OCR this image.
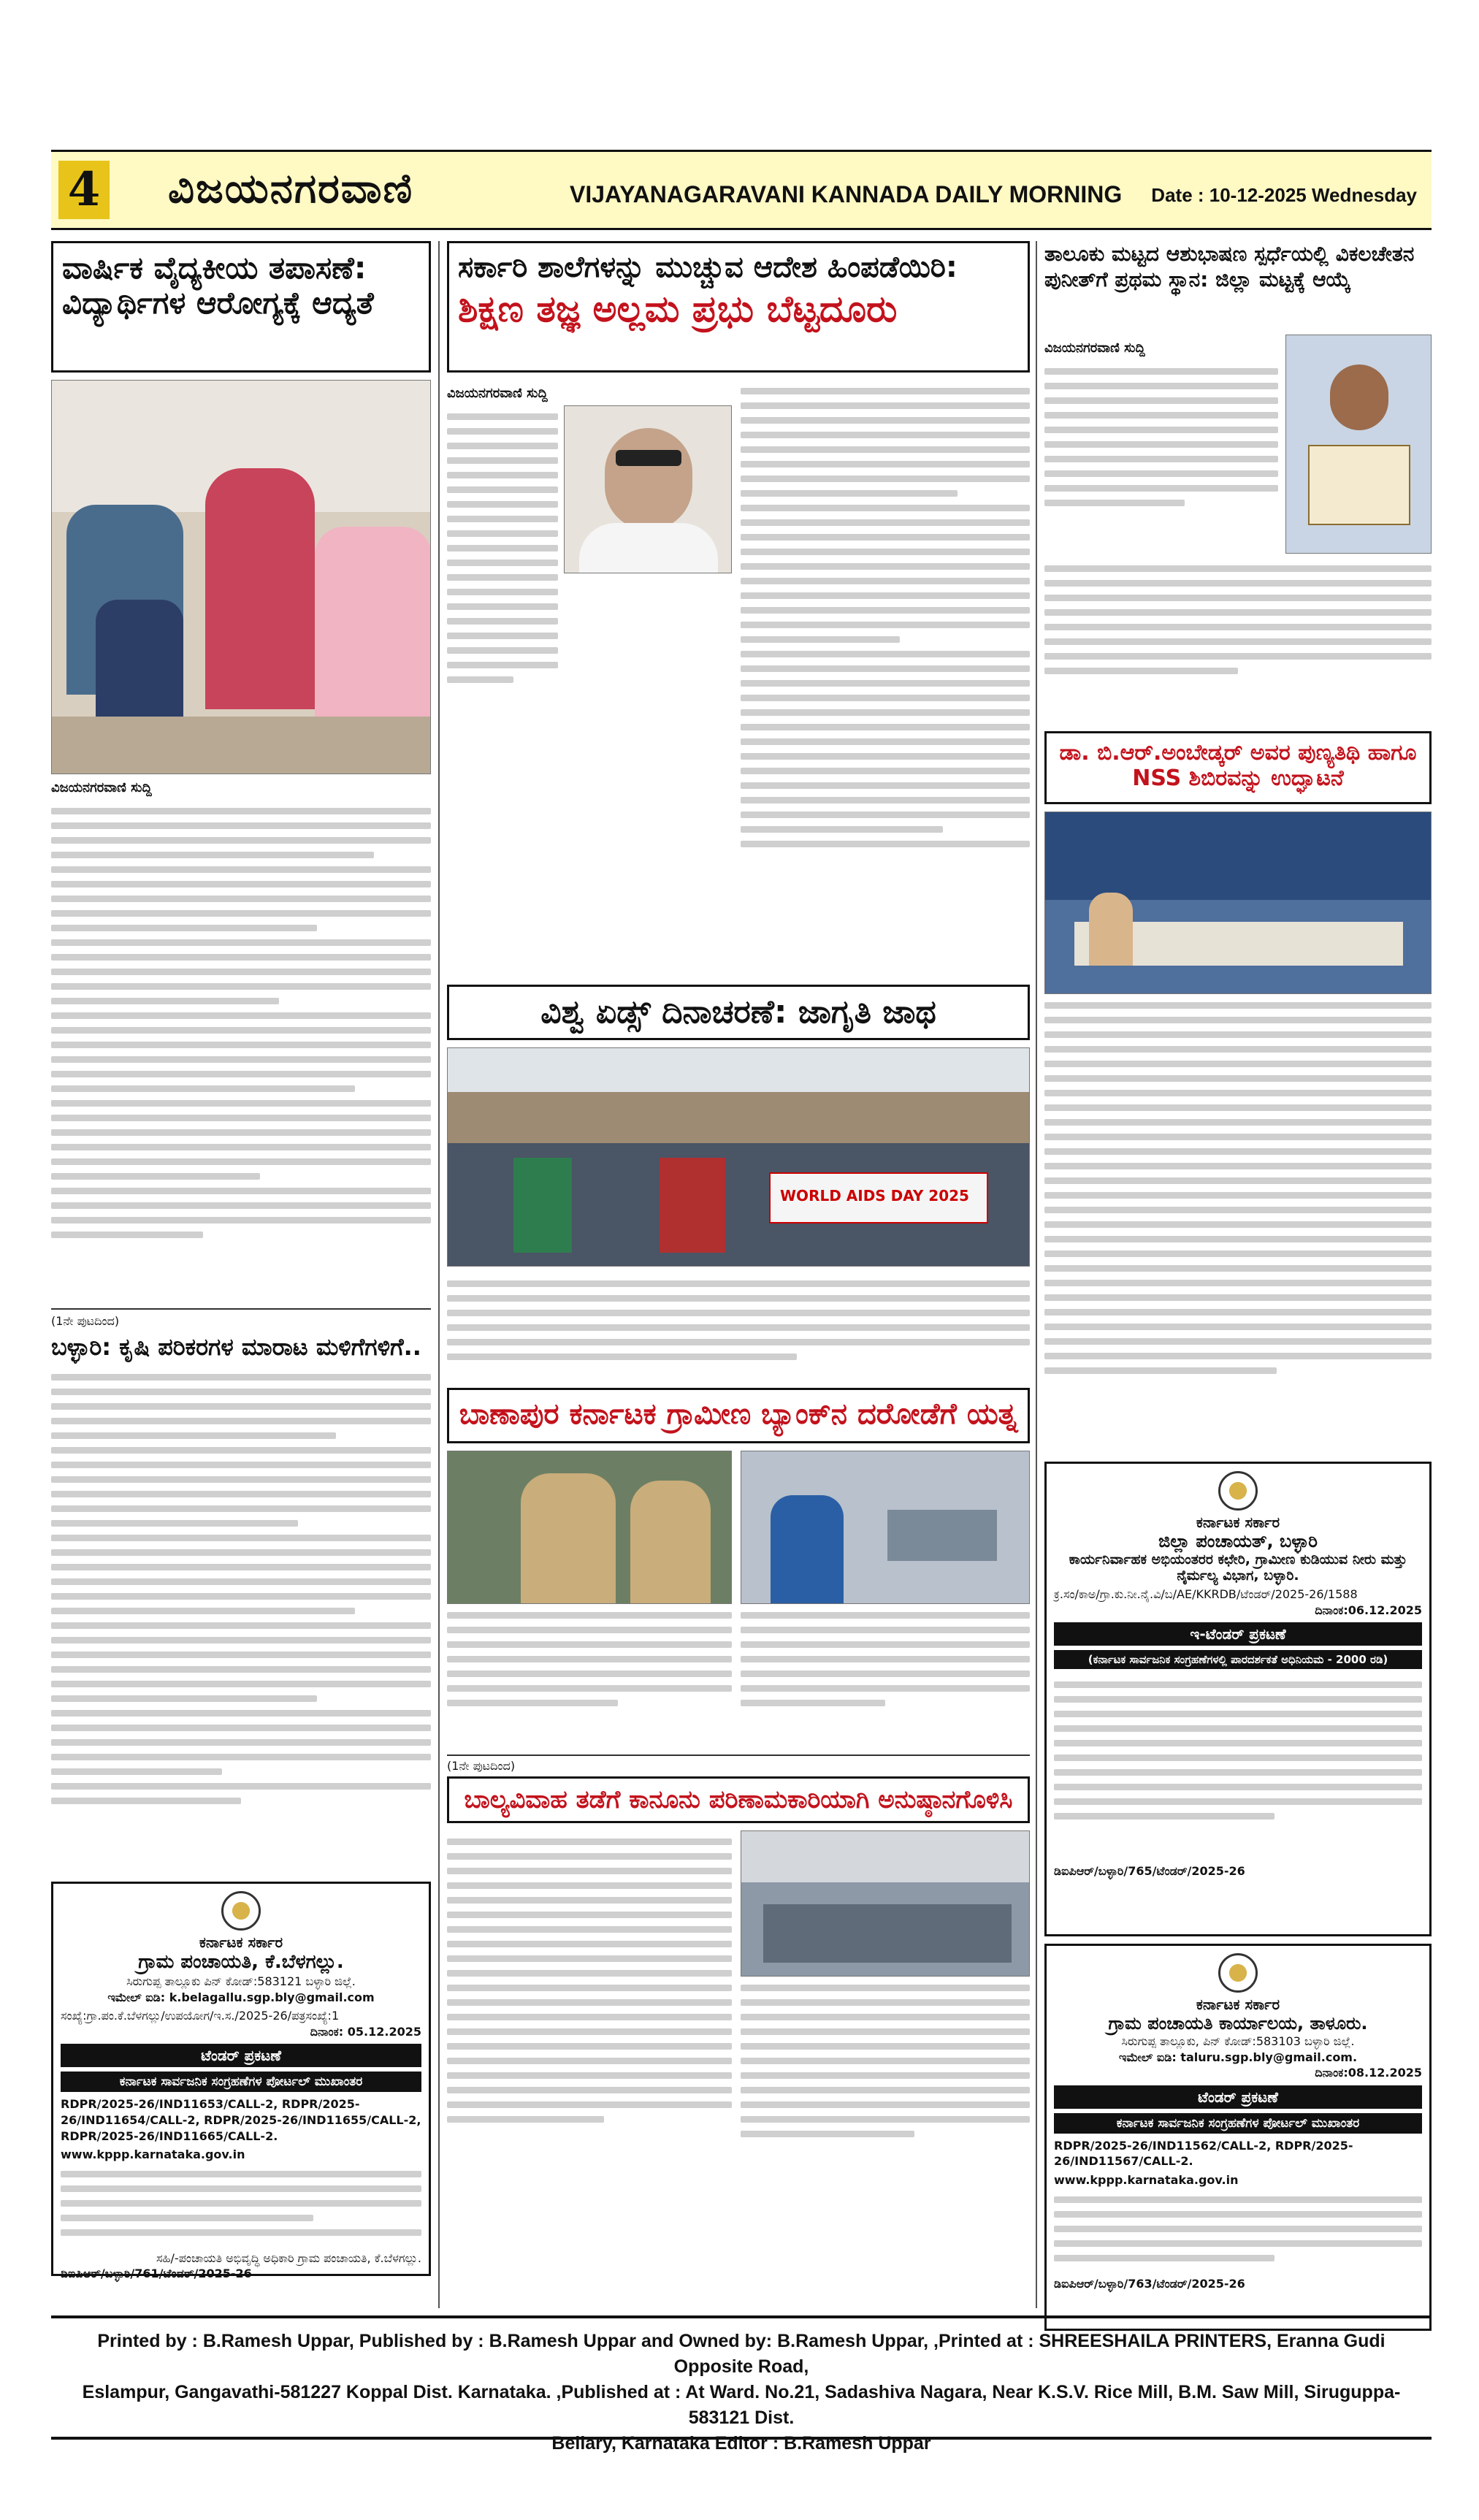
4 ವಿಜಯನಗರವಾಣಿ	VIJAYANAGARAVANI KANNADA DAILY MORNING Date : 10-12-2025 Wednesday
ವಾರ್ಷಿಕ ವೈದ್ಯಕೀಯ ತಪಾಸಣೆ: ವಿದ್ಯಾರ್ಥಿಗಳ ಆರೋಗ್ಯಕ್ಕೆ ಆದ್ಯತೆ
ವಿಜಯನಗರವಾಣಿ ಸುದ್ದಿ
(1ನೇ ಪುಟದಿಂದ)
ಬಳ್ಳಾರಿ: ಕೃಷಿ ಪರಿಕರಗಳ ಮಾರಾಟ ಮಳಿಗೆಗಳಿಗೆ..
ಕರ್ನಾಟಕ ಸರ್ಕಾರ
ಗ್ರಾಮ ಪಂಚಾಯತಿ, ಕೆ.ಬೆಳಗಲ್ಲು.
ಸಿರುಗುಪ್ಪ ತಾಲ್ಲೂಕು ಪಿನ್ ಕೋಡ್:583121 ಬಳ್ಳಾರಿ ಜಿಲ್ಲೆ.
ಇಮೇಲ್ ಐಡಿ: k.belagallu.sgp.bly@gmail.com
ಸಂಖ್ಯೆ:ಗ್ರಾ.ಪಂ.ಕೆ.ಬೆಳಗಲ್ಲು/ಉಪಯೋಗ/ಇ.ಸ./2025-26/ಪತ್ರಸಂಖ್ಯೆ:1
ದಿನಾಂಕ: 05.12.2025
ಟೆಂಡರ್ ಪ್ರಕಟಣೆ
ಕರ್ನಾಟಕ ಸಾರ್ವಜನಿಕ ಸಂಗ್ರಹಣೆಗಳ ಪೋರ್ಟಲ್ ಮುಖಾಂತರ
RDPR/2025-26/IND11653/CALL-2, RDPR/2025-26/IND11654/CALL-2, RDPR/2025-26/IND11655/CALL-2, RDPR/2025-26/IND11665/CALL-2.
www.kppp.karnataka.gov.in
ಸಹಿ/-ಪಂಚಾಯತಿ ಅಭಿವೃದ್ಧಿ ಅಧಿಕಾರಿ ಗ್ರಾಮ ಪಂಚಾಯತಿ, ಕೆ.ಬೆಳಗಲ್ಲು.
ಡಿಐಪಿಆರ್/ಬಳ್ಳಾರಿ/761/ಟೆಂಡರ್/2025-26
ಸರ್ಕಾರಿ ಶಾಲೆಗಳನ್ನು ಮುಚ್ಚುವ ಆದೇಶ ಹಿಂಪಡೆಯಿರಿ:
ಶಿಕ್ಷಣ ತಜ್ಞ ಅಲ್ಲಮ ಪ್ರಭು ಬೆಟ್ಟದೂರು
ವಿಜಯನಗರವಾಣಿ ಸುದ್ದಿ
ವಿಶ್ವ ಏಡ್ಸ್ ದಿನಾಚರಣೆ: ಜಾಗೃತಿ ಜಾಥ
WORLD AIDS DAY 2025
ಬಾಣಾಪುರ ಕರ್ನಾಟಕ ಗ್ರಾಮೀಣ ಬ್ಯಾಂಕ್‌ನ ದರೋಡೆಗೆ ಯತ್ನ
(1ನೇ ಪುಟದಿಂದ)
ಬಾಲ್ಯವಿವಾಹ ತಡೆಗೆ ಕಾನೂನು ಪರಿಣಾಮಕಾರಿಯಾಗಿ ಅನುಷ್ಠಾನಗೊಳಿಸಿ
ತಾಲೂಕು ಮಟ್ಟದ ಆಶುಭಾಷಣ ಸ್ಪರ್ಧೆಯಲ್ಲಿ ವಿಕಲಚೇತನ ಪುನೀತ್‌ಗೆ ಪ್ರಥಮ ಸ್ಥಾನ: ಜಿಲ್ಲಾ ಮಟ್ಟಕ್ಕೆ ಆಯ್ಕೆ
ವಿಜಯನಗರವಾಣಿ ಸುದ್ದಿ
ಡಾ. ಬಿ.ಆರ್.ಅಂಬೇಡ್ಕರ್ ಅವರ ಪುಣ್ಯತಿಥಿ ಹಾಗೂ NSS ಶಿಬಿರವನ್ನು ಉದ್ಘಾಟನೆ
ಕರ್ನಾಟಕ ಸರ್ಕಾರ
ಜಿಲ್ಲಾ ಪಂಚಾಯತ್, ಬಳ್ಳಾರಿ
ಕಾರ್ಯನಿರ್ವಾಹಕ ಅಭಿಯಂತರರ ಕಛೇರಿ, ಗ್ರಾಮೀಣ ಕುಡಿಯುವ ನೀರು ಮತ್ತು ನೈರ್ಮಲ್ಯ ವಿಭಾಗ, ಬಳ್ಳಾರಿ.
ಕ್ರ.ಸಂ/ಕಾಅ/ಗ್ರಾ.ಕು.ನೀ.ನೈ.ವಿ/ಬ/AE/KKRDB/ಟೆಂಡರ್/2025-26/1588
ದಿನಾಂಕ:06.12.2025
ಇ-ಟೆಂಡರ್ ಪ್ರಕಟಣೆ
(ಕರ್ನಾಟಕ ಸಾರ್ವಜನಿಕ ಸಂಗ್ರಹಣೆಗಳಲ್ಲಿ ಪಾರದರ್ಶಕತೆ ಅಧಿನಿಯಮ - 2000 ರಡಿ)
ಡಿಐಪಿಆರ್/ಬಳ್ಳಾರಿ/765/ಟೆಂಡರ್/2025-26
ಕರ್ನಾಟಕ ಸರ್ಕಾರ
ಗ್ರಾಮ ಪಂಚಾಯತಿ ಕಾರ್ಯಾಲಯ, ತಾಳೂರು.
ಸಿರುಗುಪ್ಪ ತಾಲ್ಲೂಕು, ಪಿನ್ ಕೋಡ್:583103 ಬಳ್ಳಾರಿ ಜಿಲ್ಲೆ.
ಇಮೇಲ್ ಐಡಿ: taluru.sgp.bly@gmail.com.
ದಿನಾಂಕ:08.12.2025
ಟೆಂಡರ್ ಪ್ರಕಟಣೆ
ಕರ್ನಾಟಕ ಸಾರ್ವಜನಿಕ ಸಂಗ್ರಹಣೆಗಳ ಪೋರ್ಟಲ್ ಮುಖಾಂತರ
RDPR/2025-26/IND11562/CALL-2, RDPR/2025-26/IND11567/CALL-2.
www.kppp.karnataka.gov.in
ಡಿಐಪಿಆರ್/ಬಳ್ಳಾರಿ/763/ಟೆಂಡರ್/2025-26

Printed by : B.Ramesh Uppar, Published by : B.Ramesh Uppar and Owned by: B.Ramesh Uppar, ,Printed at : SHREESHAILA PRINTERS, Eranna Gudi Opposite Road,

Eslampur, Gangavathi-581227 Koppal Dist. Karnataka. ,Published at : At Ward. No.21, Sadashiva Nagara, Near K.S.V. Rice Mill, B.M. Saw Mill, Siruguppa-583121 Dist.

Bellary, Karnataka Editor : B.Ramesh Uppar
